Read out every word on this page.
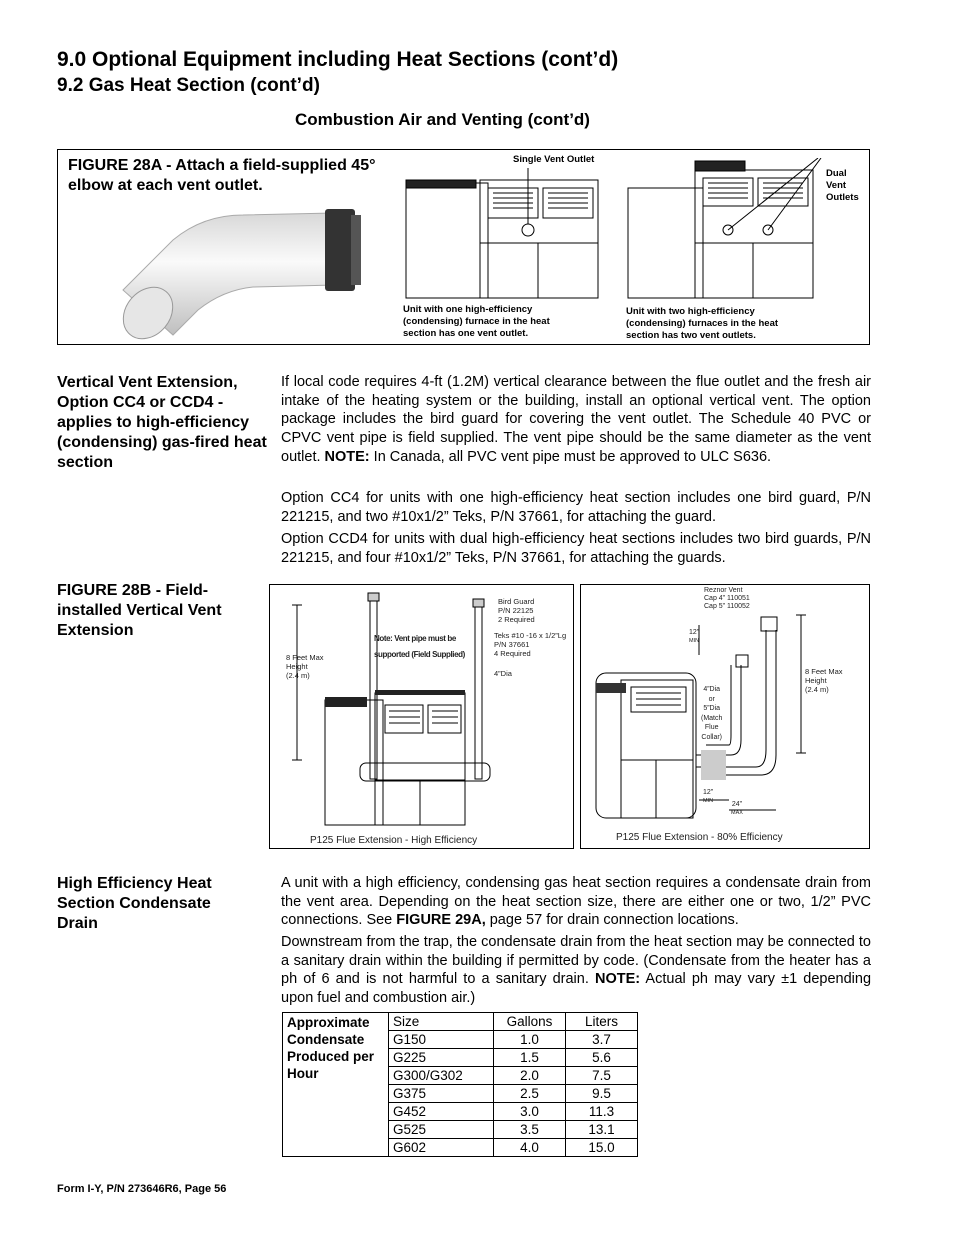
9.0 Optional Equipment including Heat Sections (cont’d)
9.2 Gas Heat Section (cont’d)
Combustion Air and Venting (cont’d)
FIGURE 28A - Attach a field-supplied 45° elbow at each vent outlet.
Single Vent Outlet
Unit with one high-efficiency
(condensing) furnace in the heat
section has one vent outlet.
Dual
Vent
Outlets
Unit with two high-efficiency
(condensing) furnaces in the heat
section has two vent outlets.
Vertical Vent Extension, Option CC4 or CCD4 - applies to high-efficiency (condensing) gas-fired heat section

If local code requires 4-ft (1.2M) vertical clearance between the flue outlet and the fresh air intake of the heating system or the building, install an optional vertical vent. The option package includes the bird guard for covering the vent outlet. The Schedule 40 PVC or CPVC vent pipe is field supplied. The vent pipe should be the same diameter as the vent outlet. NOTE: In Canada, all PVC vent pipe must be approved to ULC S636.

Option CC4 for units with one high-efficiency heat section includes one bird guard, P/N 221215, and two #10x1/2” Teks, P/N 37661, for attaching the guard.

Option CCD4 for units with dual high-efficiency heat sections includes two bird guards, P/N 221215, and four #10x1/2” Teks, P/N 37661, for attaching the guards.

FIGURE 28B - Field-installed Vertical Vent Extension
8 Feet Max
Height
(2.4 m)
Bird Guard
P/N 22125
2 Required
Teks #10 -16 x 1/2”Lg
P/N 37661
4 Required
4”Dia
Note: Vent pipe must be
supported (Field Supplied)
P125 Flue Extension - High Efficiency
Reznor Vent
Cap 4” 110051
Cap 5” 110052
12”
MIN
4”Dia
or
5”Dia
(Match
Flue
Collar)
8 Feet Max
Height
(2.4 m)
12”
MIN	24”
MAX
P125 Flue Extension - 80% Efficiency
High Efficiency Heat Section Condensate Drain

A unit with a high efficiency, condensing gas heat section requires a condensate drain from the vent area. Depending on the heat section size, there are either one or two, 1/2” PVC connections. See FIGURE 29A, page 57 for drain connection locations.

Downstream from the trap, the condensate drain from the heat section may be connected to a sanitary drain within the building if permitted by code. (Condensate from the heater has a ph of 6 and is not harmful to a sanitary drain. NOTE: Actual ph may vary ±1 depending upon fuel and combustion air.)

Approximate Condensate Produced per Hour	Size	Gallons	Liters
	G150	1.0	3.7
	G225	1.5	5.6
	G300/G302	2.0	7.5
	G375	2.5	9.5
	G452	3.0	11.3
	G525	3.5	13.1
	G602	4.0	15.0
Form I-Y, P/N 273646R6, Page 56
